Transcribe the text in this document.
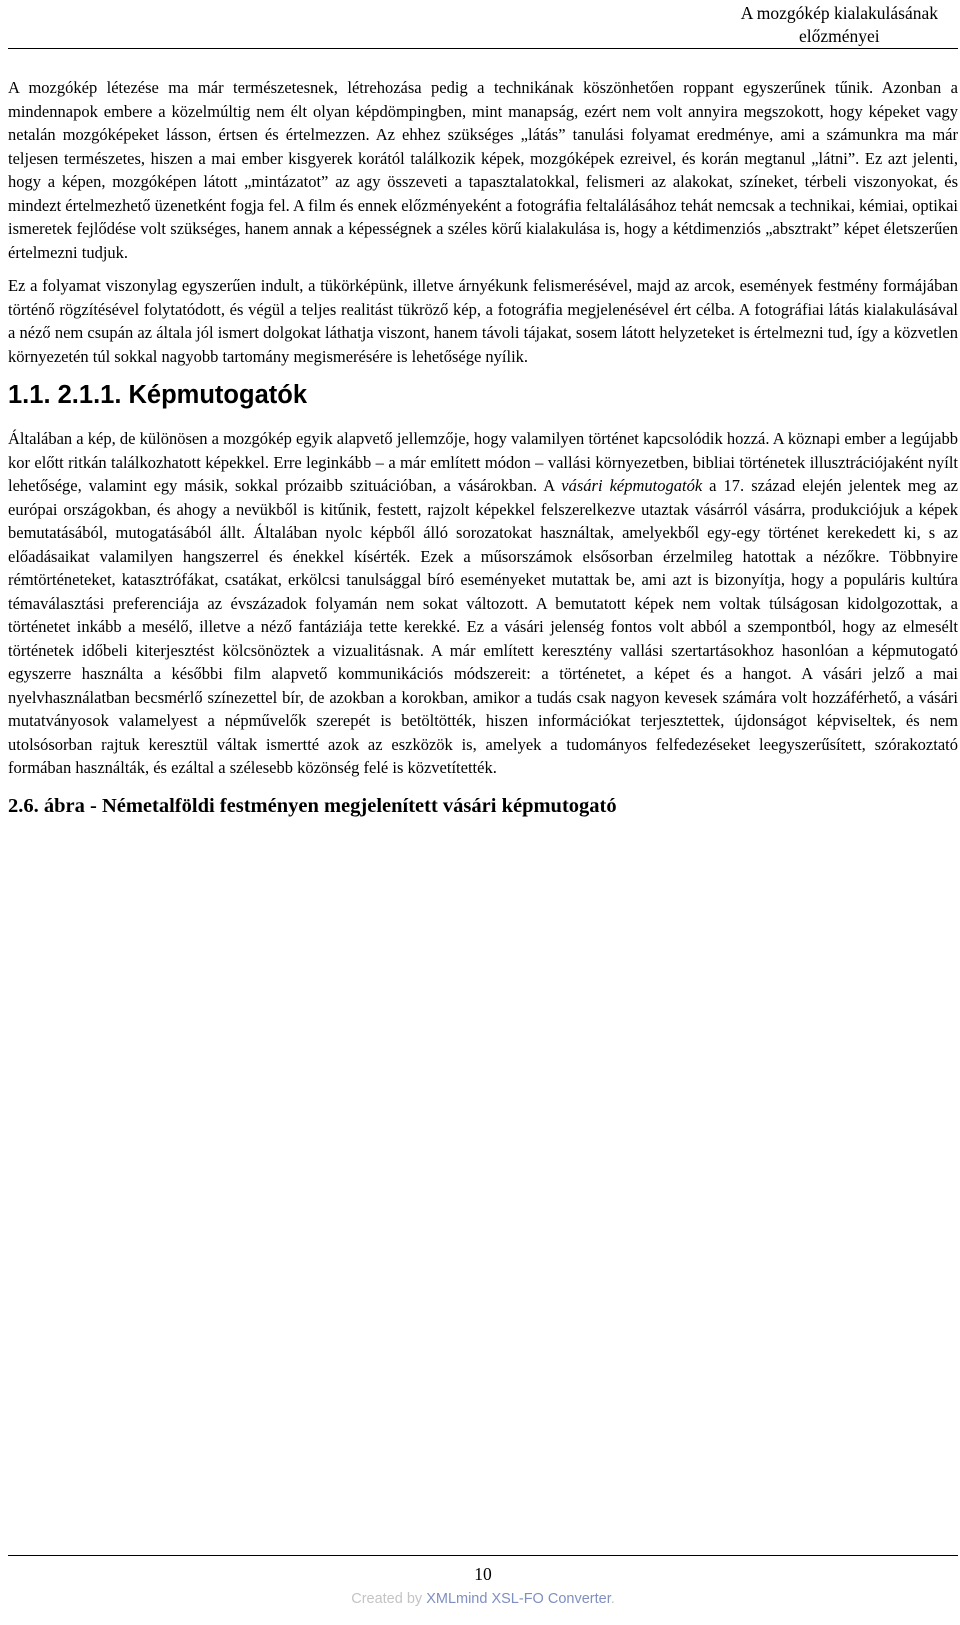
A mozgókép kialakulásának
előzményei

A mozgókép létezése ma már természetesnek, létrehozása pedig a technikának köszönhetően roppant egyszerűnek tűnik. Azonban a mindennapok embere a közelmúltig nem élt olyan képdömpingben, mint manapság, ezért nem volt annyira megszokott, hogy képeket vagy netalán mozgóképeket lásson, értsen és értelmezzen. Az ehhez szükséges „látás” tanulási folyamat eredménye, ami a számunkra ma már teljesen természetes, hiszen a mai ember kisgyerek korától találkozik képek, mozgóképek ezreivel, és korán megtanul „látni”. Ez azt jelenti, hogy a képen, mozgóképen látott „mintázatot” az agy összeveti a tapasztalatokkal, felismeri az alakokat, színeket, térbeli viszonyokat, és mindezt értelmezhető üzenetként fogja fel. A film és ennek előzményeként a fotográfia feltalálásához tehát nemcsak a technikai, kémiai, optikai ismeretek fejlődése volt szükséges, hanem annak a képességnek a széles körű kialakulása is, hogy a kétdimenziós „absztrakt” képet életszerűen értelmezni tudjuk.

Ez a folyamat viszonylag egyszerűen indult, a tükörképünk, illetve árnyékunk felismerésével, majd az arcok, események festmény formájában történő rögzítésével folytatódott, és végül a teljes realitást tükröző kép, a fotográfia megjelenésével ért célba. A fotográfiai látás kialakulásával a néző nem csupán az általa jól ismert dolgokat láthatja viszont, hanem távoli tájakat, sosem látott helyzeteket is értelmezni tud, így a közvetlen környezetén túl sokkal nagyobb tartomány megismerésére is lehetősége nyílik.

1.1. 2.1.1. Képmutogatók

Általában a kép, de különösen a mozgókép egyik alapvető jellemzője, hogy valamilyen történet kapcsolódik hozzá. A köznapi ember a legújabb kor előtt ritkán találkozhatott képekkel. Erre leginkább – a már említett módon – vallási környezetben, bibliai történetek illusztrációjaként nyílt lehetősége, valamint egy másik, sokkal prózaibb szituációban, a vásárokban. A vásári képmutogatók a 17. század elején jelentek meg az európai országokban, és ahogy a nevükből is kitűnik, festett, rajzolt képekkel felszerelkezve utaztak vásárról vásárra, produkciójuk a képek bemutatásából, mutogatásából állt. Általában nyolc képből álló sorozatokat használtak, amelyekből egy-egy történet kerekedett ki, s az előadásaikat valamilyen hangszerrel és énekkel kísérték. Ezek a műsorszámok elsősorban érzelmileg hatottak a nézőkre. Többnyire rémtörténeteket, katasztrófákat, csatákat, erkölcsi tanulsággal bíró eseményeket mutattak be, ami azt is bizonyítja, hogy a populáris kultúra témaválasztási preferenciája az évszázadok folyamán nem sokat változott. A bemutatott képek nem voltak túlságosan kidolgozottak, a történetet inkább a mesélő, illetve a néző fantáziája tette kerekké. Ez a vásári jelenség fontos volt abból a szempontból, hogy az elmesélt történetek időbeli kiterjesztést kölcsönöztek a vizualitásnak. A már említett keresztény vallási szertartásokhoz hasonlóan a képmutogató egyszerre használta a későbbi film alapvető kommunikációs módszereit: a történetet, a képet és a hangot. A vásári jelző a mai nyelvhasználatban becsmérlő színezettel bír, de azokban a korokban, amikor a tudás csak nagyon kevesek számára volt hozzáférhető, a vásári mutatványosok valamelyest a népművelők szerepét is betöltötték, hiszen információkat terjesztettek, újdonságot képviseltek, és nem utolsósorban rajtuk keresztül váltak ismertté azok az eszközök is, amelyek a tudományos felfedezéseket leegyszerűsített, szórakoztató formában használták, és ezáltal a szélesebb közönség felé is közvetítették.

2.6. ábra - Németalföldi festményen megjelenített vásári képmutogató
10
Created by XMLmind XSL-FO Converter.
